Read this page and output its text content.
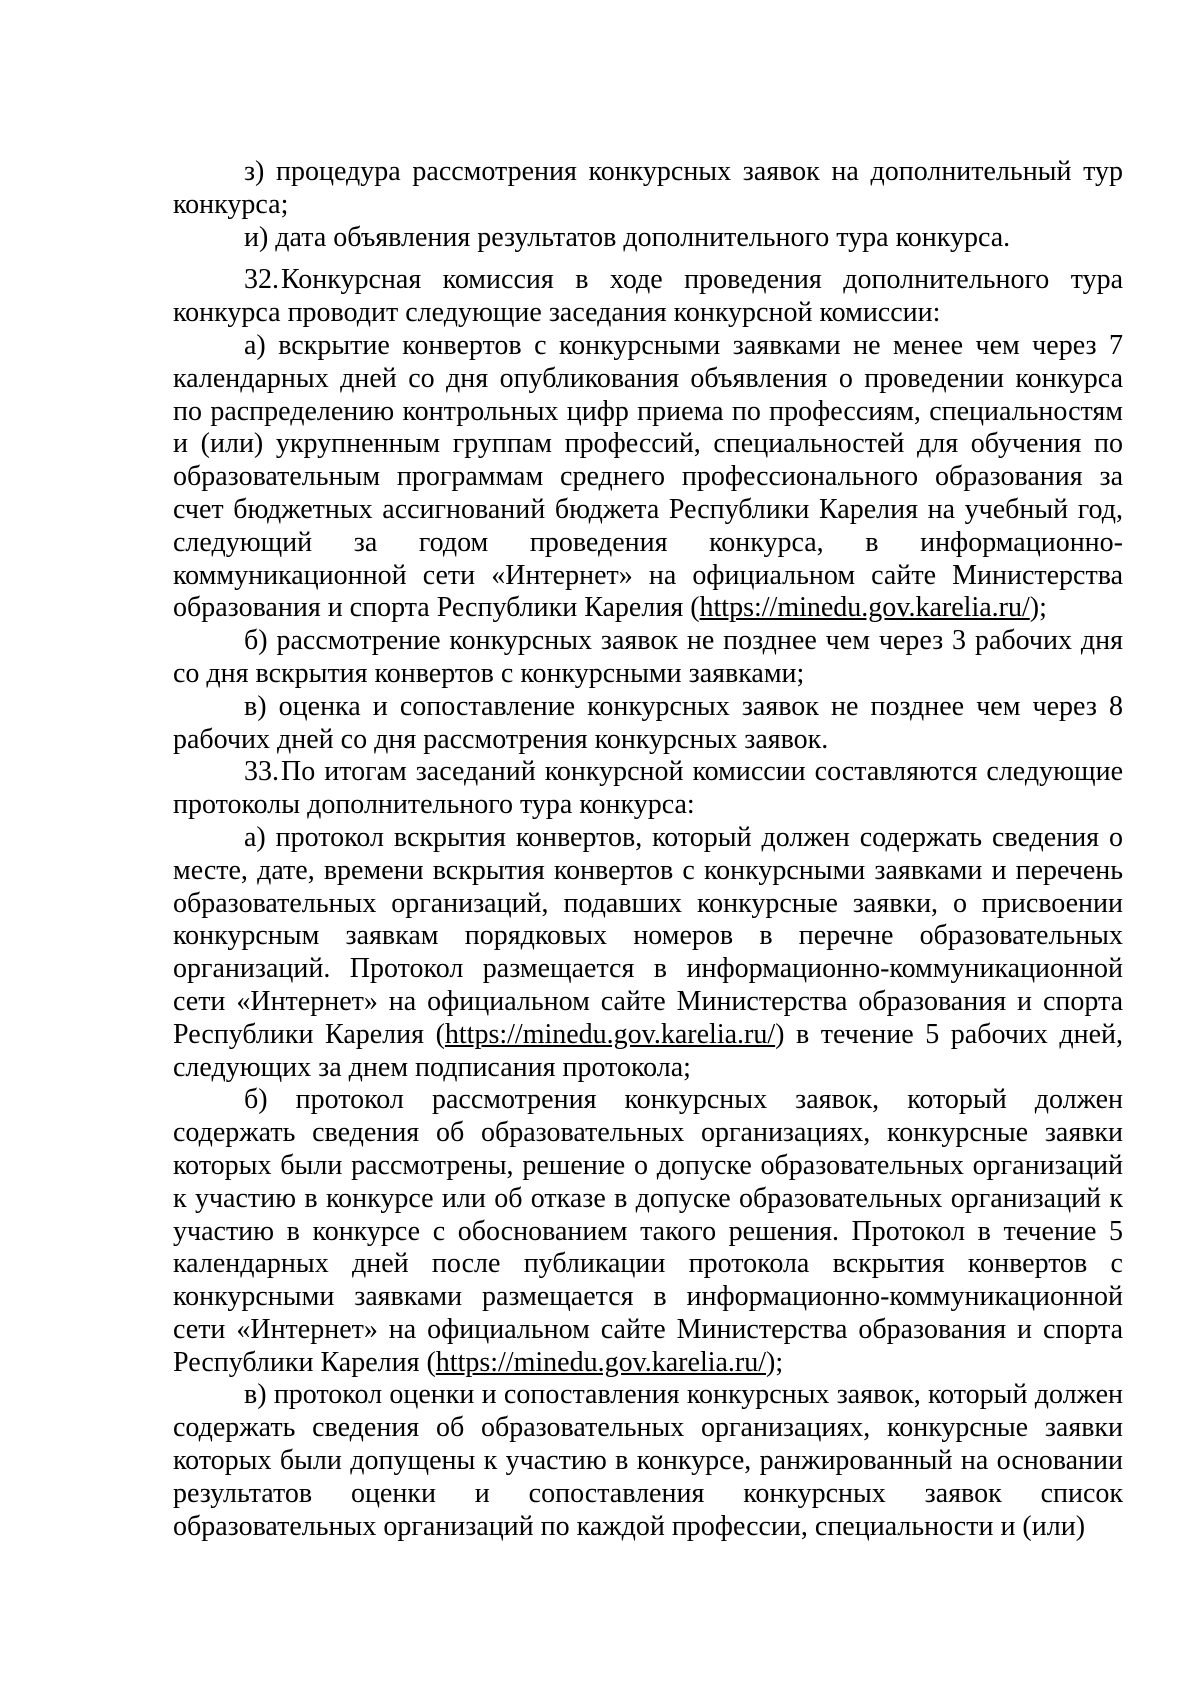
з) процедура рассмотрения конкурсных заявок на дополнительный тур конкурса;

и) дата объявления результатов дополнительного тура конкурса.

32.Конкурсная комиссия в ходе проведения дополнительного тура конкурса проводит следующие заседания конкурсной комиссии:

а) вскрытие конвертов с конкурсными заявками не менее чем через 7 календарных дней со дня опубликования объявления о проведении конкурса по распределению контрольных цифр приема по профессиям, специальностям и (или) укрупненным группам профессий, специальностей для обучения по образовательным программам среднего профессионального образования за счет бюджетных ассигнований бюджета Республики Карелия на учебный год, следующий за годом проведения конкурса, в информационно-коммуникационной сети «Интернет» на официальном сайте Министерства образования и спорта Республики Карелия (https://minedu.gov.karelia.ru/);

б) рассмотрение конкурсных заявок не позднее чем через 3 рабочих дня со дня вскрытия конвертов с конкурсными заявками;

в) оценка и сопоставление конкурсных заявок не позднее чем через 8 рабочих дней со дня рассмотрения конкурсных заявок.

33.По итогам заседаний конкурсной комиссии составляются следующие протоколы дополнительного тура конкурса:

а) протокол вскрытия конвертов, который должен содержать сведения о месте, дате, времени вскрытия конвертов с конкурсными заявками и перечень образовательных организаций, подавших конкурсные заявки, о присвоении конкурсным заявкам порядковых номеров в перечне образовательных организаций. Протокол размещается в информационно-коммуникационной сети «Интернет» на официальном сайте Министерства образования и спорта Республики Карелия (https://minedu.gov.karelia.ru/) в течение 5 рабочих дней, следующих за днем подписания протокола;

б) протокол рассмотрения конкурсных заявок, который должен содержать сведения об образовательных организациях, конкурсные заявки которых были рассмотрены, решение о допуске образовательных организаций к участию в конкурсе или об отказе в допуске образовательных организаций к участию в конкурсе с обоснованием такого решения. Протокол в течение 5 календарных дней после публикации протокола вскрытия конвертов с конкурсными заявками размещается в информационно-коммуникационной сети «Интернет» на официальном сайте Министерства образования и спорта Республики Карелия (https://minedu.gov.karelia.ru/);

в) протокол оценки и сопоставления конкурсных заявок, который должен содержать сведения об образовательных организациях, конкурсные заявки которых были допущены к участию в конкурсе, ранжированный на основании результатов оценки и сопоставления конкурсных заявок список образовательных организаций по каждой профессии, специальности и (или)
